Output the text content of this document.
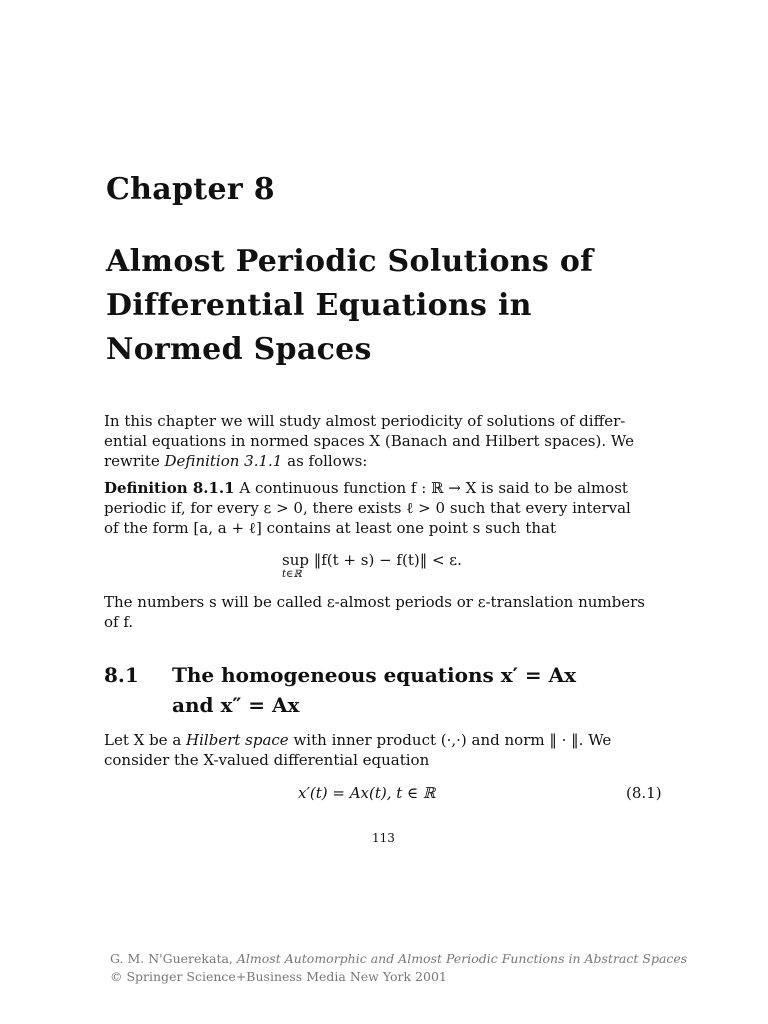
Chapter 8
Almost Periodic Solutions of
Differential Equations in
Normed Spaces
In this chapter we will study almost periodicity of solutions of differ-
ential equations in normed spaces X (Banach and Hilbert spaces). We
rewrite Definition 3.1.1 as follows:
Definition 8.1.1 A continuous function f : ℝ → X is said to be almost
periodic if, for every ε > 0, there exists ℓ > 0 such that every interval
of the form [a, a + ℓ] contains at least one point s such that
sup ‖f(t + s) − f(t)‖ < ε.
t∈ℝ
The numbers s will be called ε-almost periods or ε-translation numbers
of f.
8.1 The homogeneous equations x′ = Ax
and x″ = Ax
Let X be a Hilbert space with inner product (·,·) and norm ‖ · ‖. We
consider the X-valued differential equation
x′(t) = Ax(t), t ∈ ℝ	(8.1)
113
G. M. N'Guerekata, Almost Automorphic and Almost Periodic Functions in Abstract Spaces
© Springer Science+Business Media New York 2001
